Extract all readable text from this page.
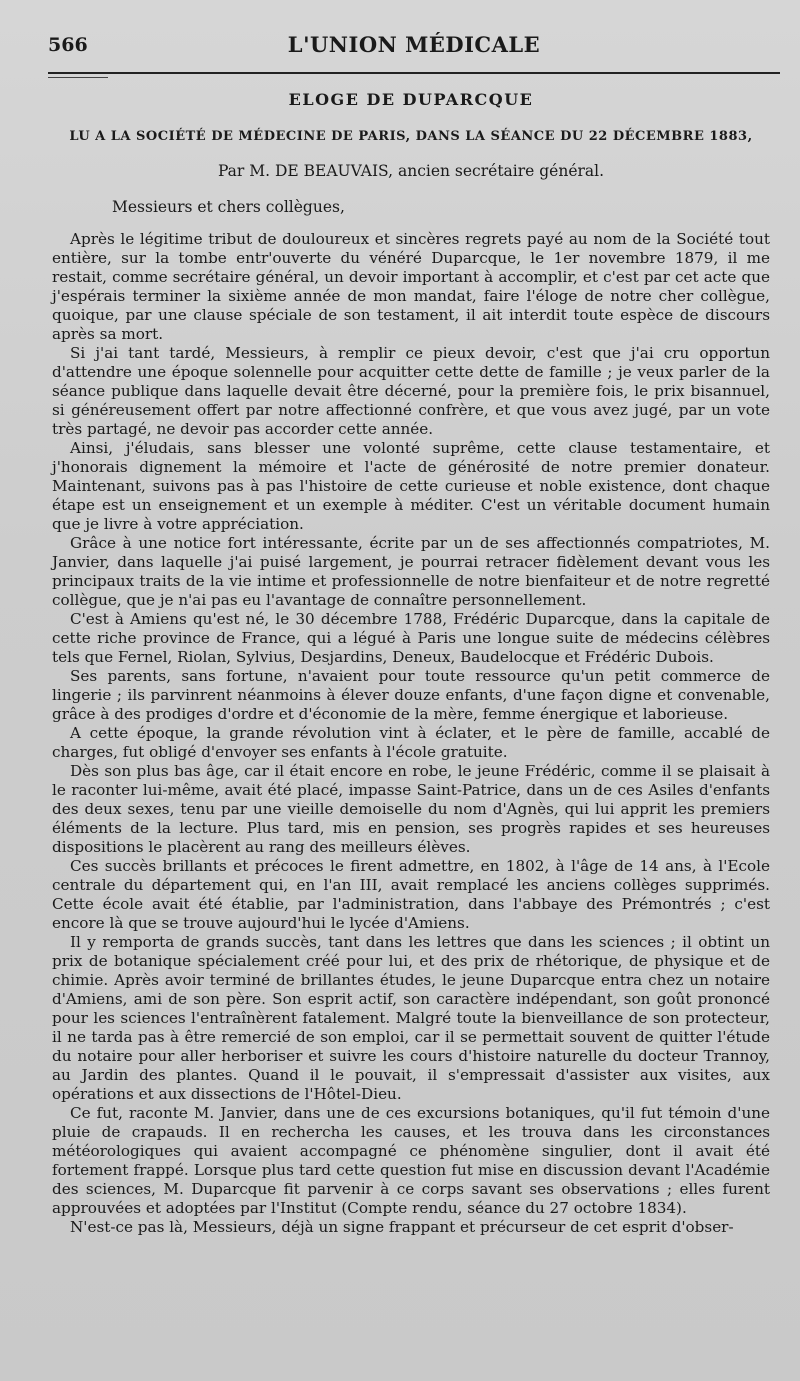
566	L'UNION MÉDICALE
ELOGE DE DUPARCQUE
LU A LA SOCIÉTÉ DE MÉDECINE DE PARIS, DANS LA SÉANCE DU 22 DÉCEMBRE 1883,
Par M. DE BEAUVAIS, ancien secrétaire général.
Messieurs et chers collègues,

Après le légitime tribut de douloureux et sincères regrets payé au nom de la Société tout entière, sur la tombe entr'ouverte du vénéré Duparcque, le 1er novembre 1879, il me restait, comme secrétaire général, un devoir important à accomplir, et c'est par cet acte que j'espérais terminer la sixième année de mon mandat, faire l'éloge de notre cher collègue, quoique, par une clause spéciale de son testament, il ait interdit toute espèce de discours après sa mort.

Si j'ai tant tardé, Messieurs, à remplir ce pieux devoir, c'est que j'ai cru opportun d'attendre une époque solennelle pour acquitter cette dette de famille ; je veux parler de la séance publique dans laquelle devait être décerné, pour la première fois, le prix bisannuel, si généreusement offert par notre affectionné confrère, et que vous avez jugé, par un vote très partagé, ne devoir pas accorder cette année.

Ainsi, j'éludais, sans blesser une volonté suprême, cette clause testamentaire, et j'honorais dignement la mémoire et l'acte de générosité de notre premier donateur. Maintenant, suivons pas à pas l'histoire de cette curieuse et noble existence, dont chaque étape est un enseignement et un exemple à méditer. C'est un véritable document humain que je livre à votre appréciation.

Grâce à une notice fort intéressante, écrite par un de ses affectionnés compatriotes, M. Janvier, dans laquelle j'ai puisé largement, je pourrai retracer fidèlement devant vous les principaux traits de la vie intime et professionnelle de notre bienfaiteur et de notre regretté collègue, que je n'ai pas eu l'avantage de connaître personnellement.

C'est à Amiens qu'est né, le 30 décembre 1788, Frédéric Duparcque, dans la capitale de cette riche province de France, qui a légué à Paris une longue suite de médecins célèbres tels que Fernel, Riolan, Sylvius, Desjardins, Deneux, Baudelocque et Frédéric Dubois.

Ses parents, sans fortune, n'avaient pour toute ressource qu'un petit commerce de lingerie ; ils parvinrent néanmoins à élever douze enfants, d'une façon digne et convenable, grâce à des prodiges d'ordre et d'économie de la mère, femme énergique et laborieuse.

A cette époque, la grande révolution vint à éclater, et le père de famille, accablé de charges, fut obligé d'envoyer ses enfants à l'école gratuite.

Dès son plus bas âge, car il était encore en robe, le jeune Frédéric, comme il se plaisait à le raconter lui-même, avait été placé, impasse Saint-Patrice, dans un de ces Asiles d'enfants des deux sexes, tenu par une vieille demoiselle du nom d'Agnès, qui lui apprit les premiers éléments de la lecture. Plus tard, mis en pension, ses progrès rapides et ses heureuses dispositions le placèrent au rang des meilleurs élèves.

Ces succès brillants et précoces le firent admettre, en 1802, à l'âge de 14 ans, à l'Ecole centrale du département qui, en l'an III, avait remplacé les anciens collèges supprimés. Cette école avait été établie, par l'administration, dans l'abbaye des Prémontrés ; c'est encore là que se trouve aujourd'hui le lycée d'Amiens.

Il y remporta de grands succès, tant dans les lettres que dans les sciences ; il obtint un prix de botanique spécialement créé pour lui, et des prix de rhétorique, de physique et de chimie. Après avoir terminé de brillantes études, le jeune Duparcque entra chez un notaire d'Amiens, ami de son père. Son esprit actif, son caractère indépendant, son goût prononcé pour les sciences l'entraînèrent fatalement. Malgré toute la bienveillance de son protecteur, il ne tarda pas à être remercié de son emploi, car il se permettait souvent de quitter l'étude du notaire pour aller herboriser et suivre les cours d'histoire naturelle du docteur Trannoy, au Jardin des plantes. Quand il le pouvait, il s'empressait d'assister aux visites, aux opérations et aux dissections de l'Hôtel-Dieu.

Ce fut, raconte M. Janvier, dans une de ces excursions botaniques, qu'il fut témoin d'une pluie de crapauds. Il en rechercha les causes, et les trouva dans les circonstances météorologiques qui avaient accompagné ce phénomène singulier, dont il avait été fortement frappé. Lorsque plus tard cette question fut mise en discussion devant l'Académie des sciences, M. Duparcque fit parvenir à ce corps savant ses observations ; elles furent approuvées et adoptées par l'Institut (Compte rendu, séance du 27 octobre 1834).

N'est-ce pas là, Messieurs, déjà un signe frappant et précurseur de cet esprit d'obser-
